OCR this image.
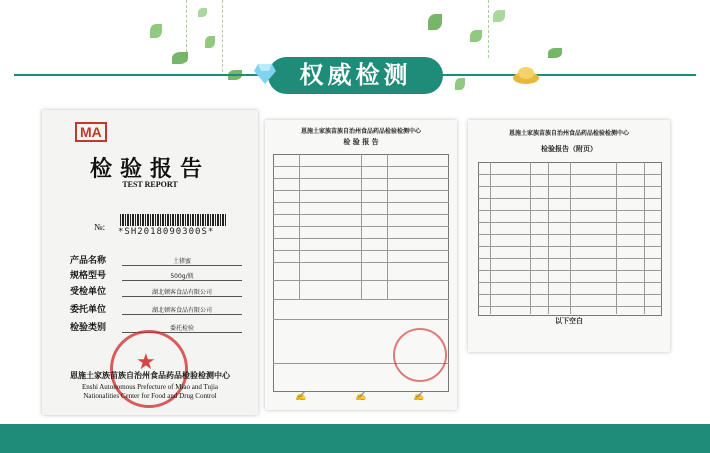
权威检测
MA
检验报告
TEST REPORT
№: *SH2018090300S*
产品名称	土猪蜜
规格型号	500g/瓶
受检单位	湖北顿客食品有限公司
委托单位	湖北顿客食品有限公司
检验类别	委托检验
★
恩施土家族苗族自治州食品药品检验检测中心
Enshi Autonomous Prefecture of Miao and Tujia
Nationalities Center for Food and Drug Control
恩施土家族苗族自治州食品药品检验检测中心
检 验 报 告
✍	✍	✍
恩施土家族苗族自治州食品药品检验检测中心
检验报告（附页）
以下空白
